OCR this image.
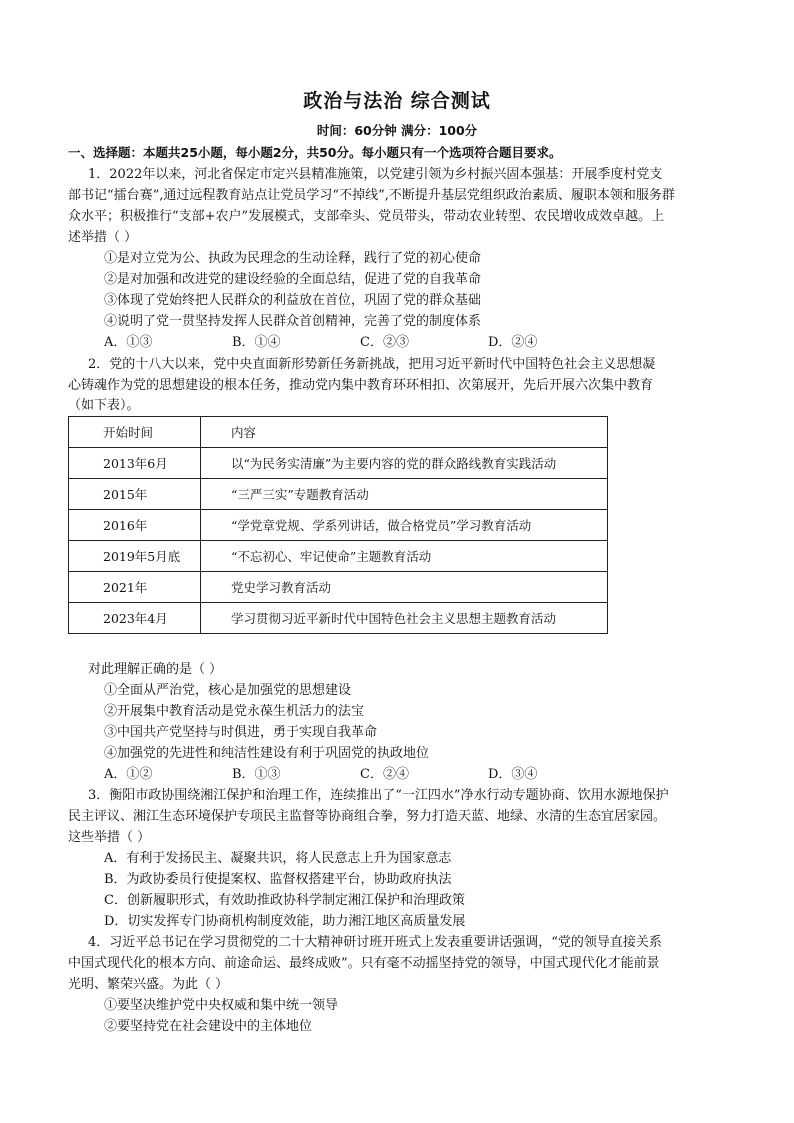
政治与法治 综合测试
时间：60分钟 满分：100分
一、选择题：本题共25小题，每小题2分，共50分。每小题只有一个选项符合题目要求。
1．2022年以来，河北省保定市定兴县精准施策，以党建引领为乡村振兴固本强基：开展季度村党支
部书记“擂台赛”,通过远程教育站点让党员学习“不掉线”,不断提升基层党组织政治素质、履职本领和服务群
众水平；积极推行“支部+农户”发展模式，支部牵头、党员带头，带动农业转型、农民增收成效卓越。上
述举措（ ）
①是对立党为公、执政为民理念的生动诠释，践行了党的初心使命
②是对加强和改进党的建设经验的全面总结，促进了党的自我革命
③体现了党始终把人民群众的利益放在首位，巩固了党的群众基础
④说明了党一贯坚持发挥人民群众首创精神，完善了党的制度体系
A．①③	B．①④	C．②③	D．②④
2．党的十八大以来，党中央直面新形势新任务新挑战，把用习近平新时代中国特色社会主义思想凝
心铸魂作为党的思想建设的根本任务，推动党内集中教育环环相扣、次第展开，先后开展六次集中教育
（如下表）。
开始时间	内容
2013年6月	以“为民务实清廉”为主要内容的党的群众路线教育实践活动
2015年	“三严三实”专题教育活动
2016年	“学党章党规、学系列讲话，做合格党员”学习教育活动
2019年5月底	“不忘初心、牢记使命”主题教育活动
2021年	党史学习教育活动
2023年4月	学习贯彻习近平新时代中国特色社会主义思想主题教育活动
对此理解正确的是（ ）
①全面从严治党，核心是加强党的思想建设
②开展集中教育活动是党永葆生机活力的法宝
③中国共产党坚持与时俱进，勇于实现自我革命
④加强党的先进性和纯洁性建设有利于巩固党的执政地位
A．①②	B．①③	C．②④	D．③④
3．衡阳市政协围绕湘江保护和治理工作，连续推出了“一江四水”净水行动专题协商、饮用水源地保护
民主评议、湘江生态环境保护专项民主监督等协商组合拳，努力打造天蓝、地绿、水清的生态宜居家园。
这些举措（ ）
A．有利于发扬民主、凝聚共识，将人民意志上升为国家意志
B．为政协委员行使提案权、监督权搭建平台，协助政府执法
C．创新履职形式，有效助推政协科学制定湘江保护和治理政策
D．切实发挥专门协商机构制度效能，助力湘江地区高质量发展
4．习近平总书记在学习贯彻党的二十大精神研讨班开班式上发表重要讲话强调，“党的领导直接关系
中国式现代化的根本方向、前途命运、最终成败”。只有毫不动摇坚持党的领导，中国式现代化才能前景
光明、繁荣兴盛。为此（ ）
①要坚决维护党中央权威和集中统一领导
②要坚持党在社会建设中的主体地位
